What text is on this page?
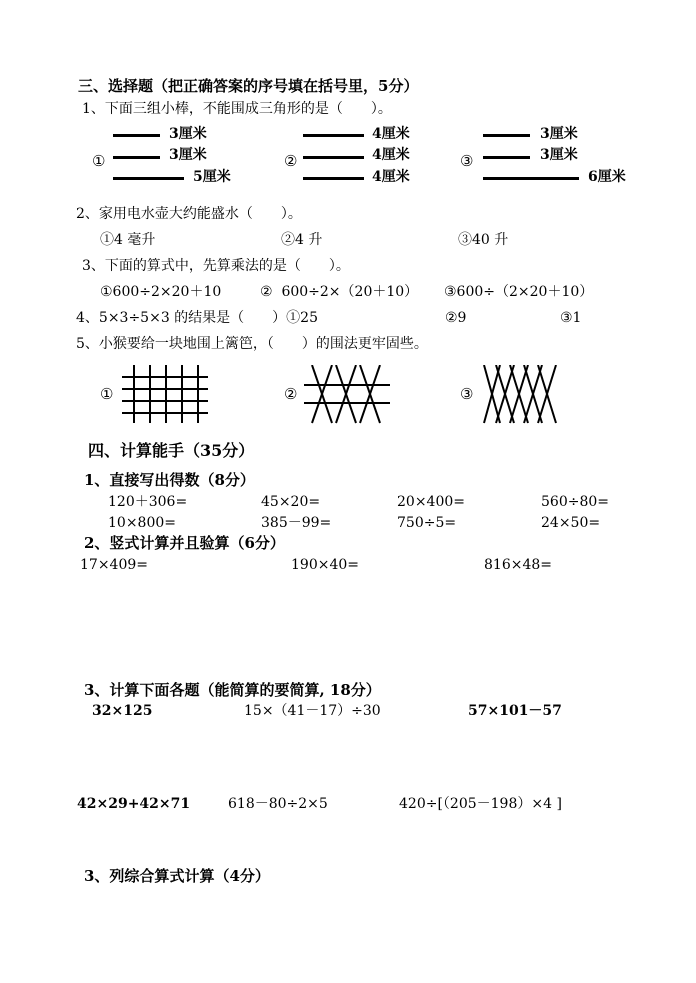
三、选择题（把正确答案的序号填在括号里，5分）
1、下面三组小棒，不能围成三角形的是（　　）。
①
3厘米
3厘米
5厘米
②
4厘米
4厘米
4厘米
③
3厘米
3厘米
6厘米
2、家用电水壶大约能盛水（　　）。
①4 毫升	②4 升	③40 升
3、下面的算式中，先算乘法的是（　　）。
①600÷2×20＋10	②  600÷2×（20＋10） ③600÷（2×20＋10）
4、5×3÷5×3 的结果是（　　）①25	②9	③1
5、小猴要给一块地围上篱笆，（　　）的围法更牢固些。
①	②	③
四、计算能手（35分）
1、直接写出得数（8分）
120＋306=	45×20=	20×400=	560÷80=
10×800=	385－99=	750÷5=	24×50=
2、竖式计算并且验算（6分）
17×409=	190×40=	816×48=
3、计算下面各题（能简算的要简算, 18分）
32×125	15×（41－17）÷30	57×101－57
42×29+42×71	618－80÷2×5	420÷[（205－198）×4 ]
3、列综合算式计算（4分）
